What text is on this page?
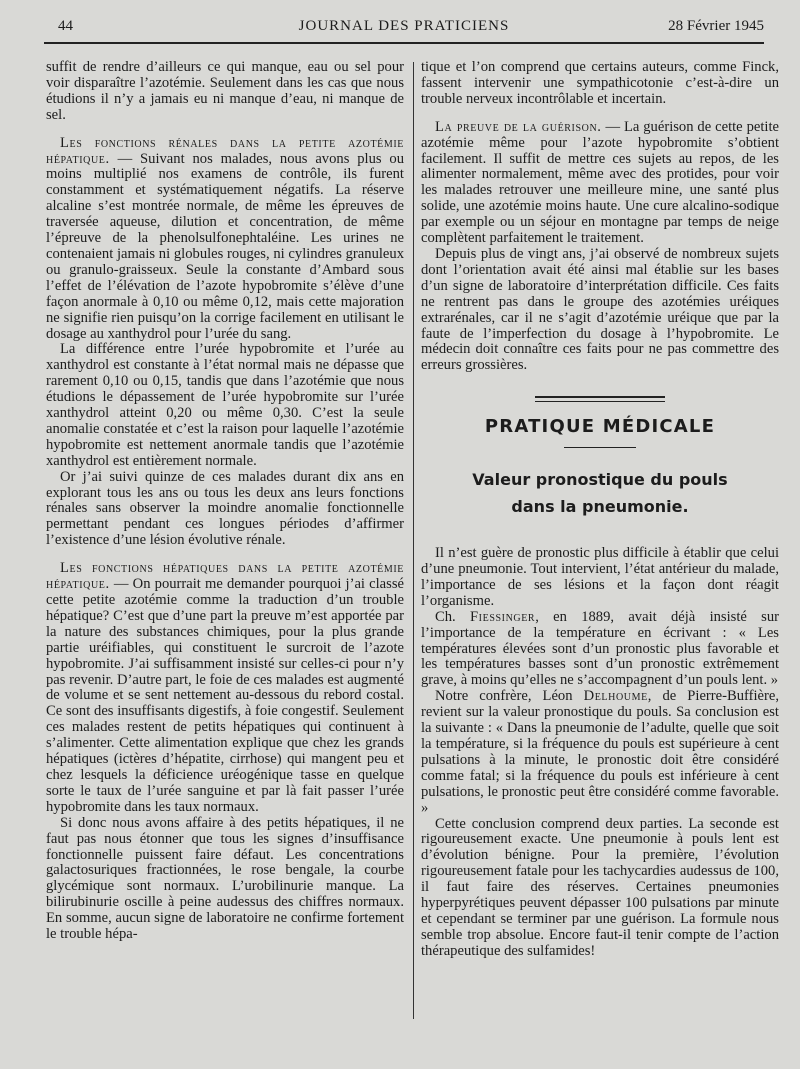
44	JOURNAL DES PRATICIENS	28 Février 1945

suffit de rendre d’ailleurs ce qui manque, eau ou sel pour voir disparaître l’azotémie. Seulement dans les cas que nous étudions il n’y a jamais eu ni manque d’eau, ni manque de sel.

Les fonctions rénales dans la petite azotémie hépatique. — Suivant nos malades, nous avons plus ou moins multiplié nos examens de contrôle, ils furent constamment et systématiquement négatifs. La réserve alcaline s’est montrée normale, de même les épreuves de traversée aqueuse, dilution et concentration, de même l’épreuve de la phenolsulfonephtaléine. Les urines ne contenaient jamais ni globules rouges, ni cylindres granuleux ou granulo-graisseux. Seule la constante d’Ambard sous l’effet de l’élévation de l’azote hypobromite s’élève d’une façon anormale à 0,10 ou même 0,12, mais cette majoration ne signifie rien puisqu’on la corrige facilement en utilisant le dosage au xanthydrol pour l’urée du sang.

La différence entre l’urée hypobromite et l’urée au xanthydrol est constante à l’état normal mais ne dépasse que rarement 0,10 ou 0,15, tandis que dans l’azotémie que nous étudions le dépassement de l’urée hypobromite sur l’urée xanthydrol atteint 0,20 ou même 0,30. C’est la seule anomalie constatée et c’est la raison pour laquelle l’azotémie hypobromite est nettement anormale tandis que l’azotémie xanthydrol est entièrement normale.

Or j’ai suivi quinze de ces malades durant dix ans en explorant tous les ans ou tous les deux ans leurs fonctions rénales sans observer la moindre anomalie fonctionnelle permettant pendant ces longues périodes d’affirmer l’existence d’une lésion évolutive rénale.

Les fonctions hépatiques dans la petite azotémie hépatique. — On pourrait me demander pourquoi j’ai classé cette petite azotémie comme la traduction d’un trouble hépatique? C’est que d’une part la preuve m’est apportée par la nature des substances chimiques, pour la plus grande partie uréifiables, qui constituent le surcroit de l’azote hypobromite. J’ai suffisamment insisté sur celles-ci pour n’y pas revenir. D’autre part, le foie de ces malades est augmenté de volume et se sent nettement au-dessous du rebord costal. Ce sont des insuffisants digestifs, à foie congestif. Seulement ces malades restent de petits hépatiques qui continuent à s’alimenter. Cette alimentation explique que chez les grands hépatiques (ictères d’hépatite, cirrhose) qui mangent peu et chez lesquels la déficience uréogénique tasse en quelque sorte le taux de l’urée sanguine et par là fait passer l’urée hypobromite dans les taux normaux.

Si donc nous avons affaire à des petits hépatiques, il ne faut pas nous étonner que tous les signes d’insuffisance fonctionnelle puissent faire défaut. Les concentrations galactosuriques fractionnées, le rose bengale, la courbe glycémique sont normaux. L’urobilinurie manque. La bilirubinurie oscille à peine audessus des chiffres normaux. En somme, aucun signe de laboratoire ne confirme fortement le trouble hépa-

tique et l’on comprend que certains auteurs, comme Finck, fassent intervenir une sympathicotonie c’est-à-dire un trouble nerveux incontrôlable et incertain.

La preuve de la guérison. — La guérison de cette petite azotémie même pour l’azote hypobromite s’obtient facilement. Il suffit de mettre ces sujets au repos, de les alimenter normalement, même avec des protides, pour voir les malades retrouver une meilleure mine, une santé plus solide, une azotémie moins haute. Une cure alcalino-sodique par exemple ou un séjour en montagne par temps de neige complètent parfaitement le traitement.

Depuis plus de vingt ans, j’ai observé de nombreux sujets dont l’orientation avait été ainsi mal établie sur les bases d’un signe de laboratoire d’interprétation difficile. Ces faits ne rentrent pas dans le groupe des azotémies uréiques extrarénales, car il ne s’agit d’azotémie uréique que par la faute de l’imperfection du dosage à l’hypobromite. Le médecin doit connaître ces faits pour ne pas commettre des erreurs grossières.

PRATIQUE MÉDICALE
Valeur pronostique du pouls
dans la pneumonie.

Il n’est guère de pronostic plus difficile à établir que celui d’une pneumonie. Tout intervient, l’état antérieur du malade, l’importance de ses lésions et la façon dont réagit l’organisme.

Ch. Fiessinger, en 1889, avait déjà insisté sur l’importance de la température en écrivant : « Les températures élevées sont d’un pronostic plus favorable et les températures basses sont d’un pronostic extrêmement grave, à moins qu’elles ne s’accompagnent d’un pouls lent. »

Notre confrère, Léon Delhoume, de Pierre-Buffière, revient sur la valeur pronostique du pouls. Sa conclusion est la suivante : « Dans la pneumonie de l’adulte, quelle que soit la température, si la fréquence du pouls est supérieure à cent pulsations à la minute, le pronostic doit être considéré comme fatal; si la fréquence du pouls est inférieure à cent pulsations, le pronostic peut être considéré comme favorable. »

Cette conclusion comprend deux parties. La seconde est rigoureusement exacte. Une pneumonie à pouls lent est d’évolution bénigne. Pour la première, l’évolution rigoureusement fatale pour les tachycardies audessus de 100, il faut faire des réserves. Certaines pneumonies hyperpyrétiques peuvent dépasser 100 pulsations par minute et cependant se terminer par une guérison. La formule nous semble trop absolue. Encore faut-il tenir compte de l’action thérapeutique des sulfamides!
